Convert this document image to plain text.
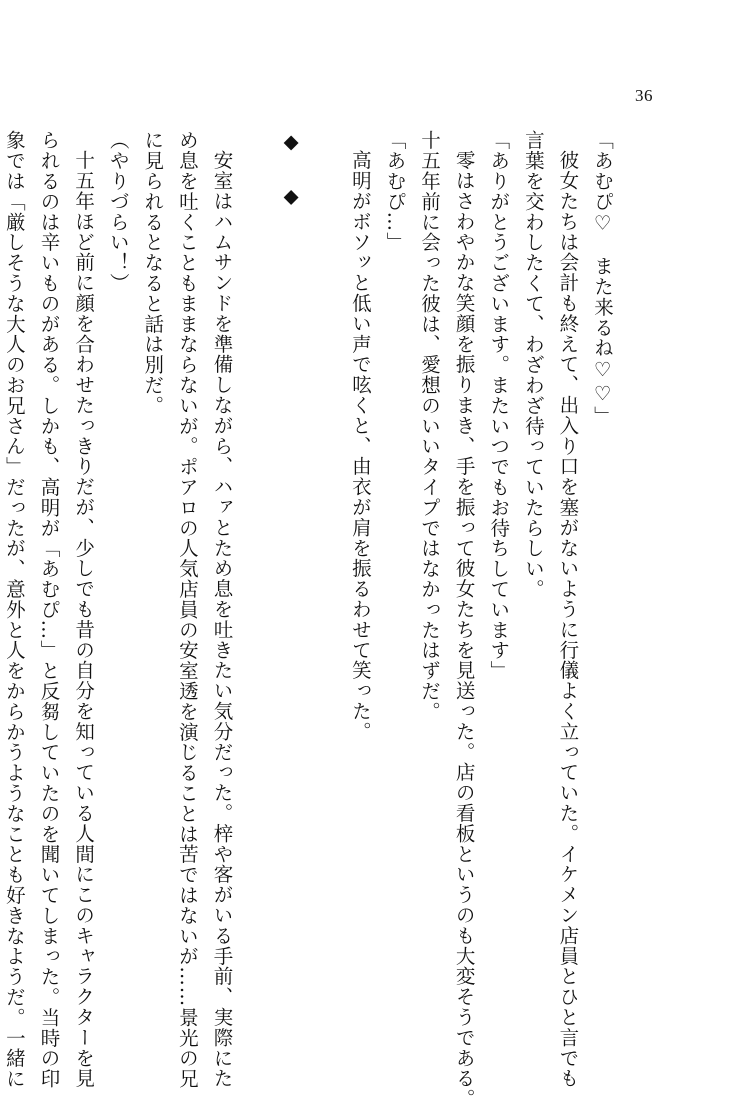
36
「あむぴ♡　また来るね♡♡」
彼女たちは会計も終えて、出入り口を塞がないように行儀よく立っていた。イケメン店員とひと言でも
言葉を交わしたくて、わざわざ待っていたらしい。
「ありがとうございます。またいつでもお待ちしています」
零はさわやかな笑顔を振りまき、手を振って彼女たちを見送った。店の看板というのも大変そうである。
十五年前に会った彼は、愛想のいいタイプではなかったはずだ。
「あむぴ…」
高明がボソッと低い声で呟くと、由衣が肩を振るわせて笑った。
◆　◆
安室はハムサンドを準備しながら、ハァとため息を吐きたい気分だった。梓や客がいる手前、実際にた
め息を吐くこともままならないが。ポアロの人気店員の安室透を演じることは苦ではないが……景光の兄
に見られるとなると話は別だ。
（やりづらい！）
十五年ほど前に顔を合わせたっきりだが、少しでも昔の自分を知っている人間にこのキャラクターを見
られるのは辛いものがある。しかも、高明が「あむぴ…」と反芻していたのを聞いてしまった。当時の印
象では「厳しそうな大人のお兄さん」だったが、意外と人をからかうようなことも好きなようだ。一緒に
